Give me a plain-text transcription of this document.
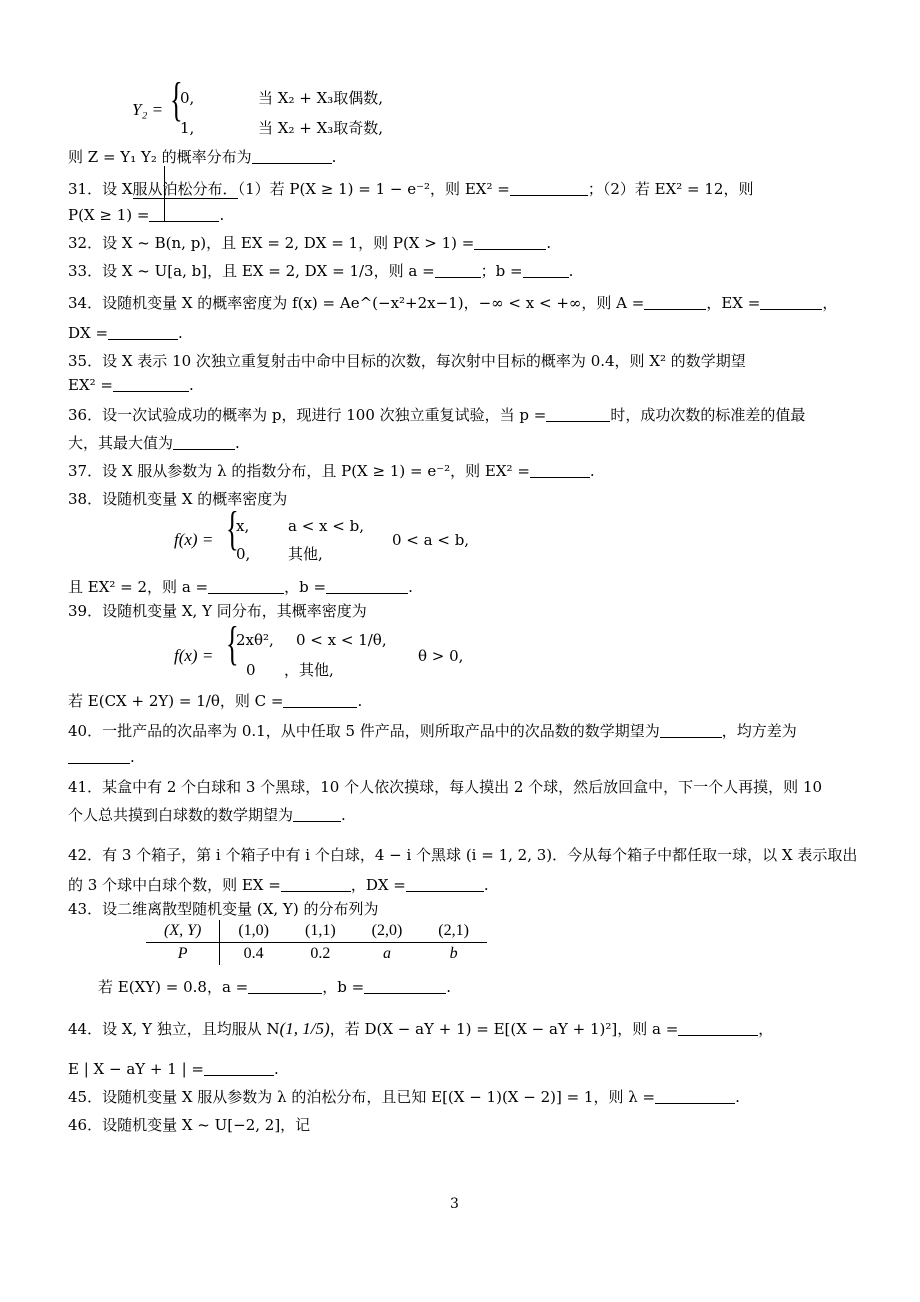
Y₂ = {
0,	当 X₂ + X₃取偶数,
1,	当 X₂ + X₃取奇数,
则 Z = Y₁ Y₂ 的概率分布为	.
31．设 X服从泊松分布．（1）若 P(X ≥ 1) = 1 − e⁻²，则 EX² =	；（2）若 EX² = 12，则
P(X ≥ 1) =	.
32．设 X ~ B(n, p)，且 EX = 2, DX = 1，则 P(X > 1) =	.
33．设 X ~ U[a, b]，且 EX = 2, DX = 1/3，则 a =	；b =	.
34．设随机变量 X 的概率密度为 f(x) = Ae^(−x²+2x−1)，−∞ < x < +∞，则 A =	，EX =	，
DX =	.
35．设 X 表示 10 次独立重复射击中命中目标的次数，每次射中目标的概率为 0.4，则 X² 的数学期望
EX² =	.
36．设一次试验成功的概率为 p，现进行 100 次独立重复试验，当 p =	时，成功次数的标准差的值最
大，其最大值为	.
37．设 X 服从参数为 λ 的指数分布，且 P(X ≥ 1) = e⁻²，则 EX² =	.
38．设随机变量 X 的概率密度为
f(x) = {
x,	a < x < b,
0,	其他,
0 < a < b,
且 EX² = 2，则 a =	，b =	.
39．设随机变量 X, Y 同分布，其概率密度为
f(x) = {
2xθ², 0 < x < 1/θ,
0 ，其他,
θ > 0,
若 E(CX + 2Y) = 1/θ，则 C =	.
40．一批产品的次品率为 0.1，从中任取 5 件产品，则所取产品中的次品数的数学期望为	，均方差为
.
41．某盒中有 2 个白球和 3 个黑球，10 个人依次摸球，每人摸出 2 个球，然后放回盒中，下一个人再摸，则 10
个人总共摸到白球数的数学期望为	.
42．有 3 个箱子，第 i 个箱子中有 i 个白球，4 − i 个黑球 (i = 1, 2, 3)．今从每个箱子中都任取一球，以 X 表示取出
的 3 个球中白球个数，则 EX =	，DX =	.
43．设二维离散型随机变量 (X, Y) 的分布列为
(X, Y)	(1,0)	(1,1)	(2,0)	(2,1)
P	0.4	0.2	a	b
若 E(XY) = 0.8，a =	，b =	.
44．设 X, Y 独立，且均服从 N(1, 1/5)，若 D(X − aY + 1) = E[(X − aY + 1)²]，则 a =	，
E | X − aY + 1 | =	.
45．设随机变量 X 服从参数为 λ 的泊松分布，且已知 E[(X − 1)(X − 2)] = 1，则 λ =	.
46．设随机变量 X ~ U[−2, 2]，记
3
